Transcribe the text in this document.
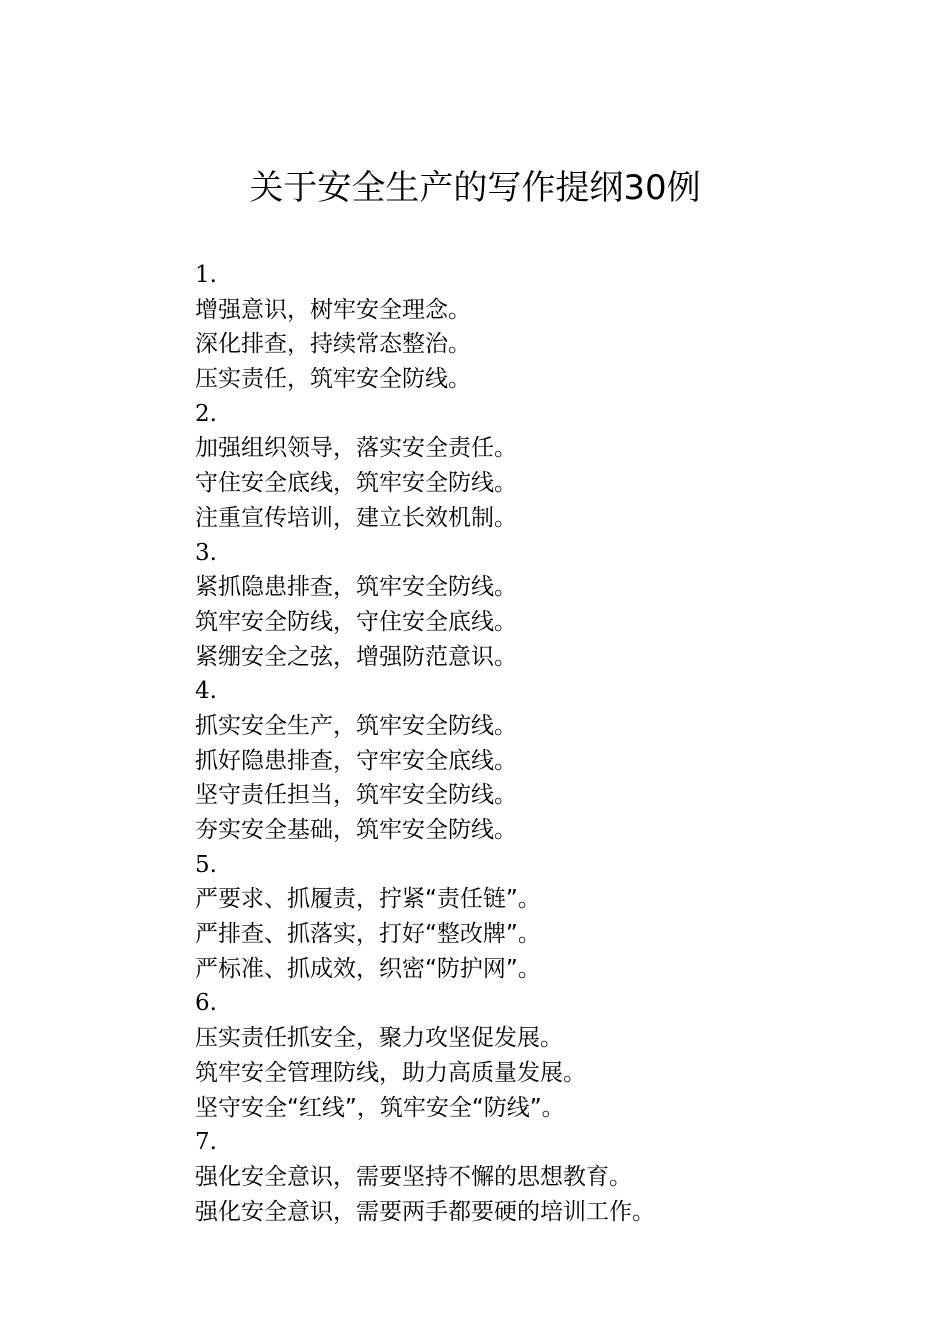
关于安全生产的写作提纲30例
1.
增强意识，树牢安全理念。
深化排查，持续常态整治。
压实责任，筑牢安全防线。
2.
加强组织领导，落实安全责任。
守住安全底线，筑牢安全防线。
注重宣传培训，建立长效机制。
3.
紧抓隐患排查，筑牢安全防线。
筑牢安全防线，守住安全底线。
紧绷安全之弦，增强防范意识。
4.
抓实安全生产，筑牢安全防线。
抓好隐患排查，守牢安全底线。
坚守责任担当，筑牢安全防线。
夯实安全基础，筑牢安全防线。
5.
严要求、抓履责，拧紧“责任链”。
严排查、抓落实，打好“整改牌”。
严标准、抓成效，织密“防护网”。
6.
压实责任抓安全，聚力攻坚促发展。
筑牢安全管理防线，助力高质量发展。
坚守安全“红线”，筑牢安全“防线”。
7.
强化安全意识，需要坚持不懈的思想教育。
强化安全意识，需要两手都要硬的培训工作。
